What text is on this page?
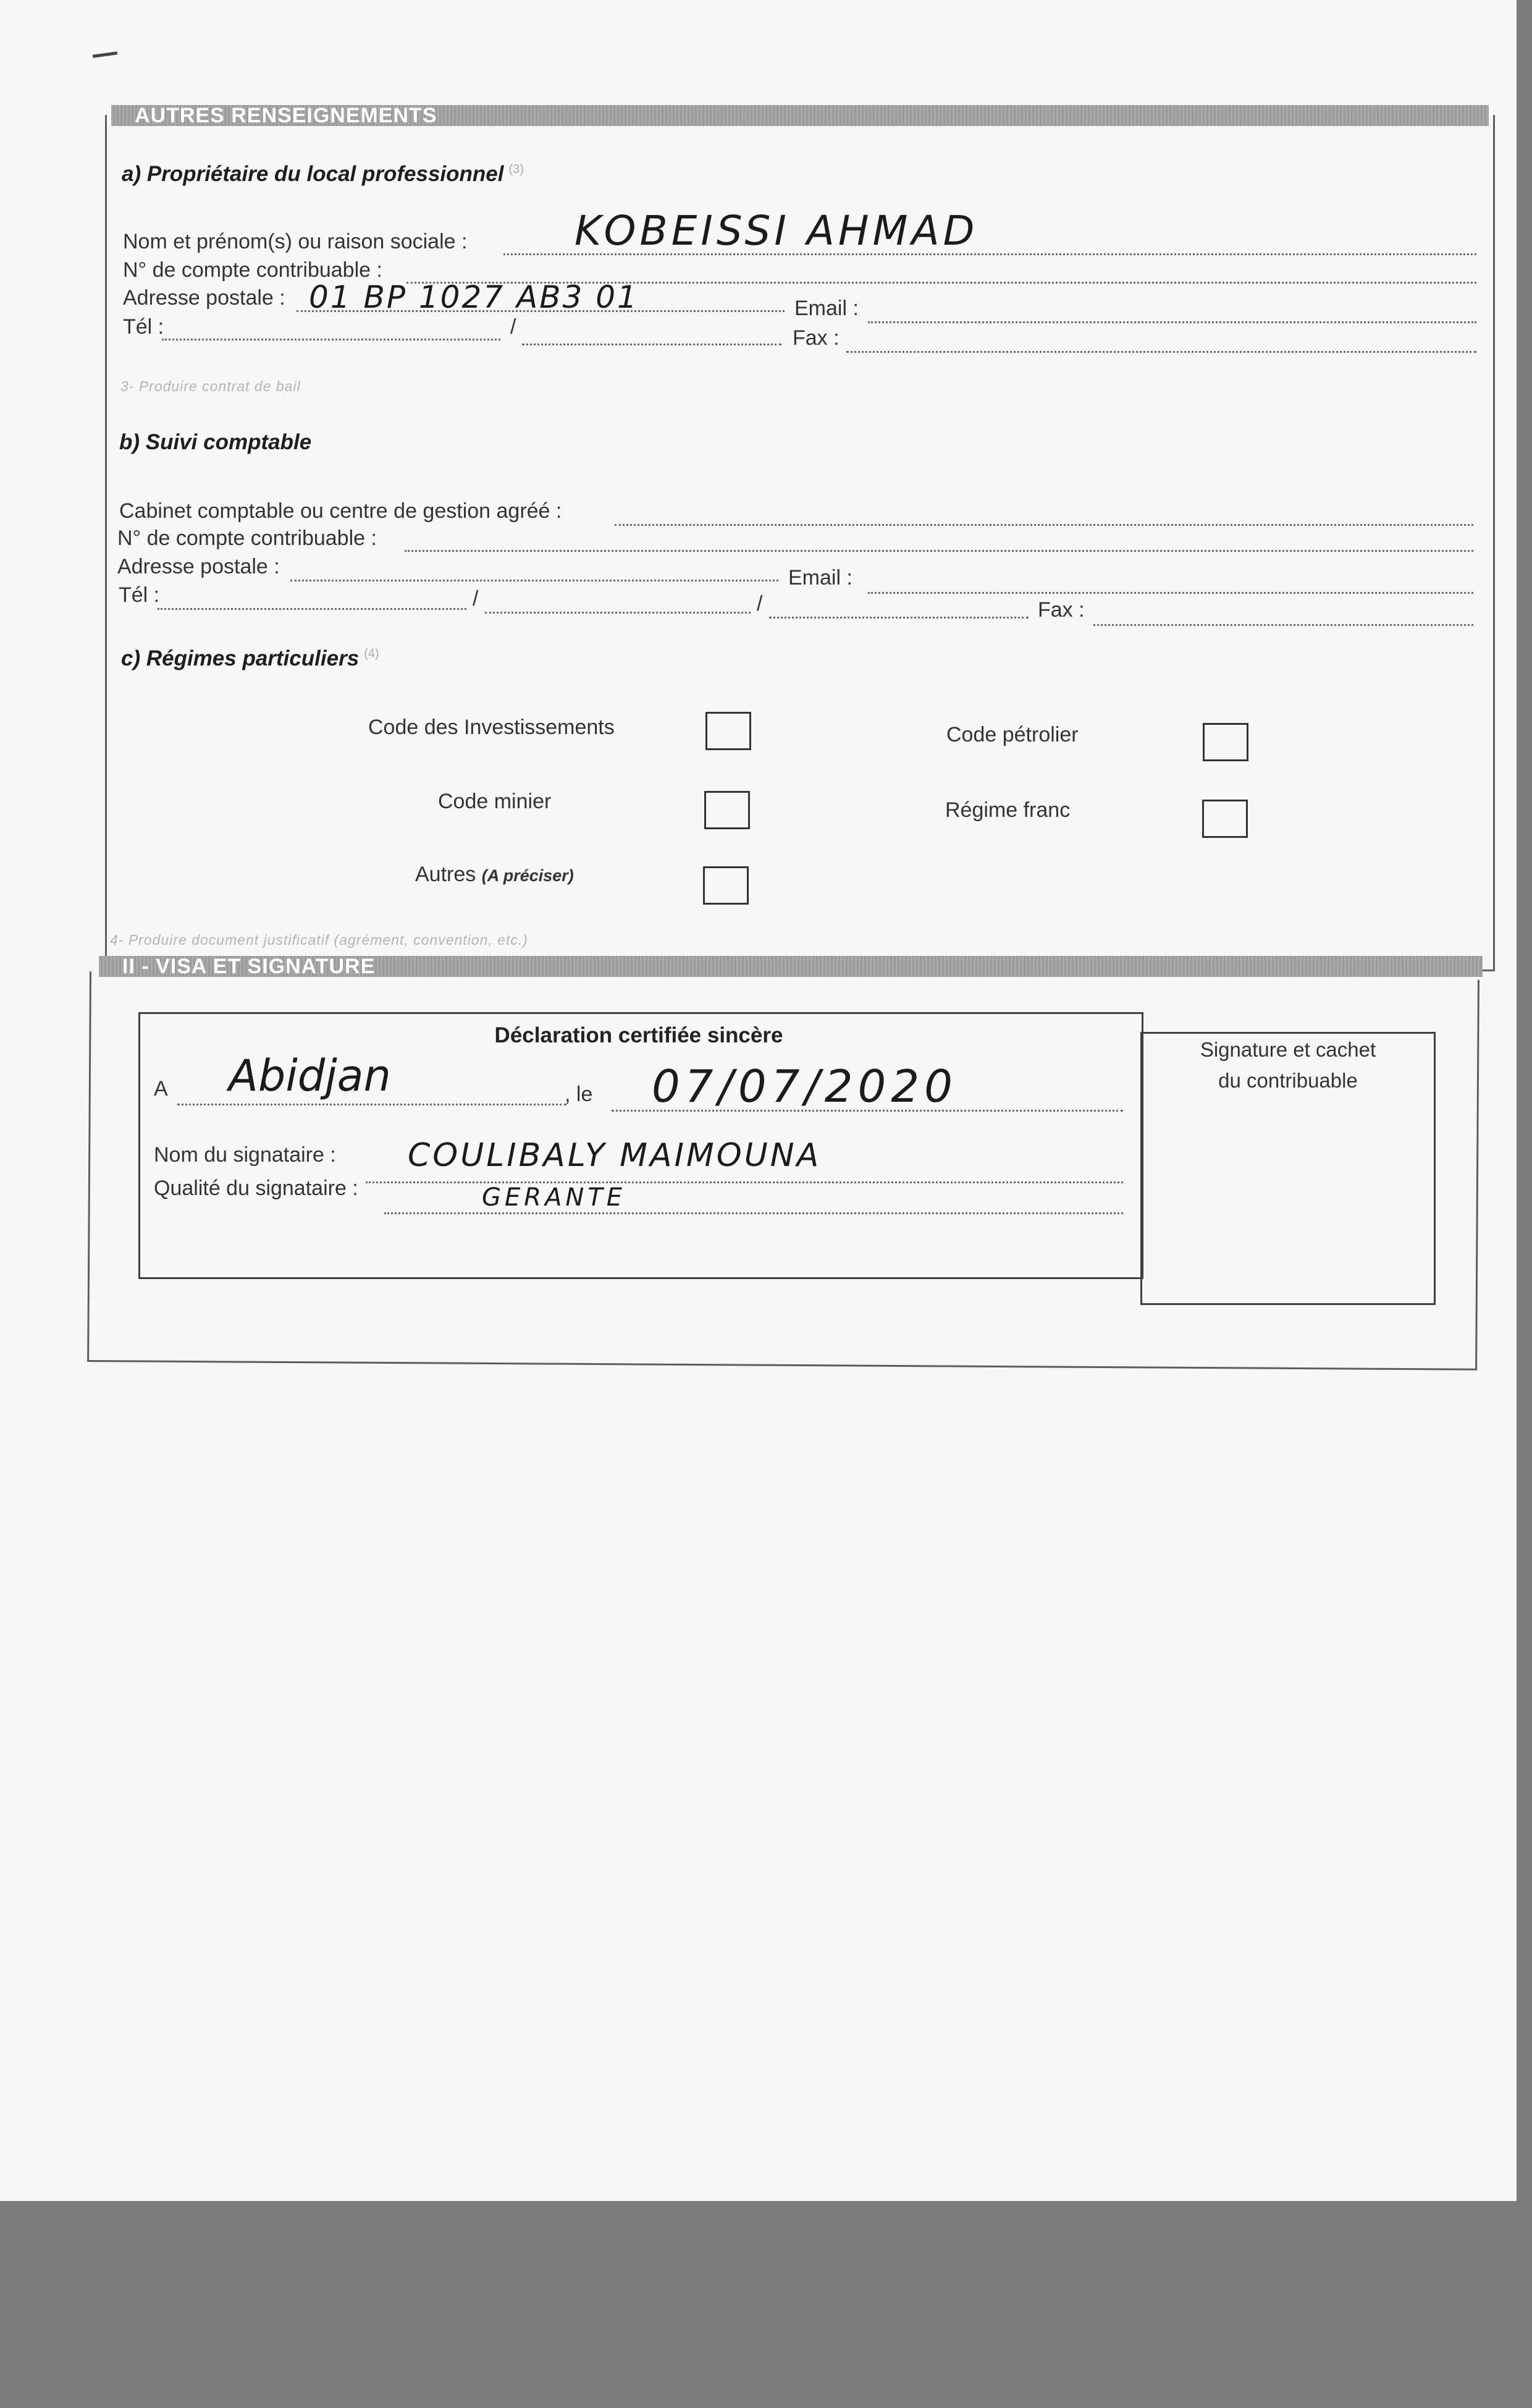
AUTRES RENSEIGNEMENTS
a) Propriétaire du local professionnel $^{(3)}$
Nom et prénom(s) ou raison sociale :	KOBEISSI AHMAD
N° de compte contribuable :
Adresse postale : 01 BP 1027 AB3 01	Email :
Tél :	/	Fax :
3- Produire contrat de bail
b) Suivi comptable
Cabinet comptable ou centre de gestion agréé :
N° de compte contribuable :
Adresse postale :	Email :
Tél :	/	/	Fax :
c) Régimes particuliers $^{(4)}$
Code des Investissements	Code pétrolier
Code minier	Régime franc
Autres (A préciser)
4- Produire document justificatif (agrément, convention, etc.)
II - VISA ET SIGNATURE
Déclaration certifiée sincère
A Abidjan	, le 07/07/2020
Nom du signataire : COULIBALY MAIMOUNA
Qualité du signataire :	GERANTE
Signature et cachet
du contribuable
